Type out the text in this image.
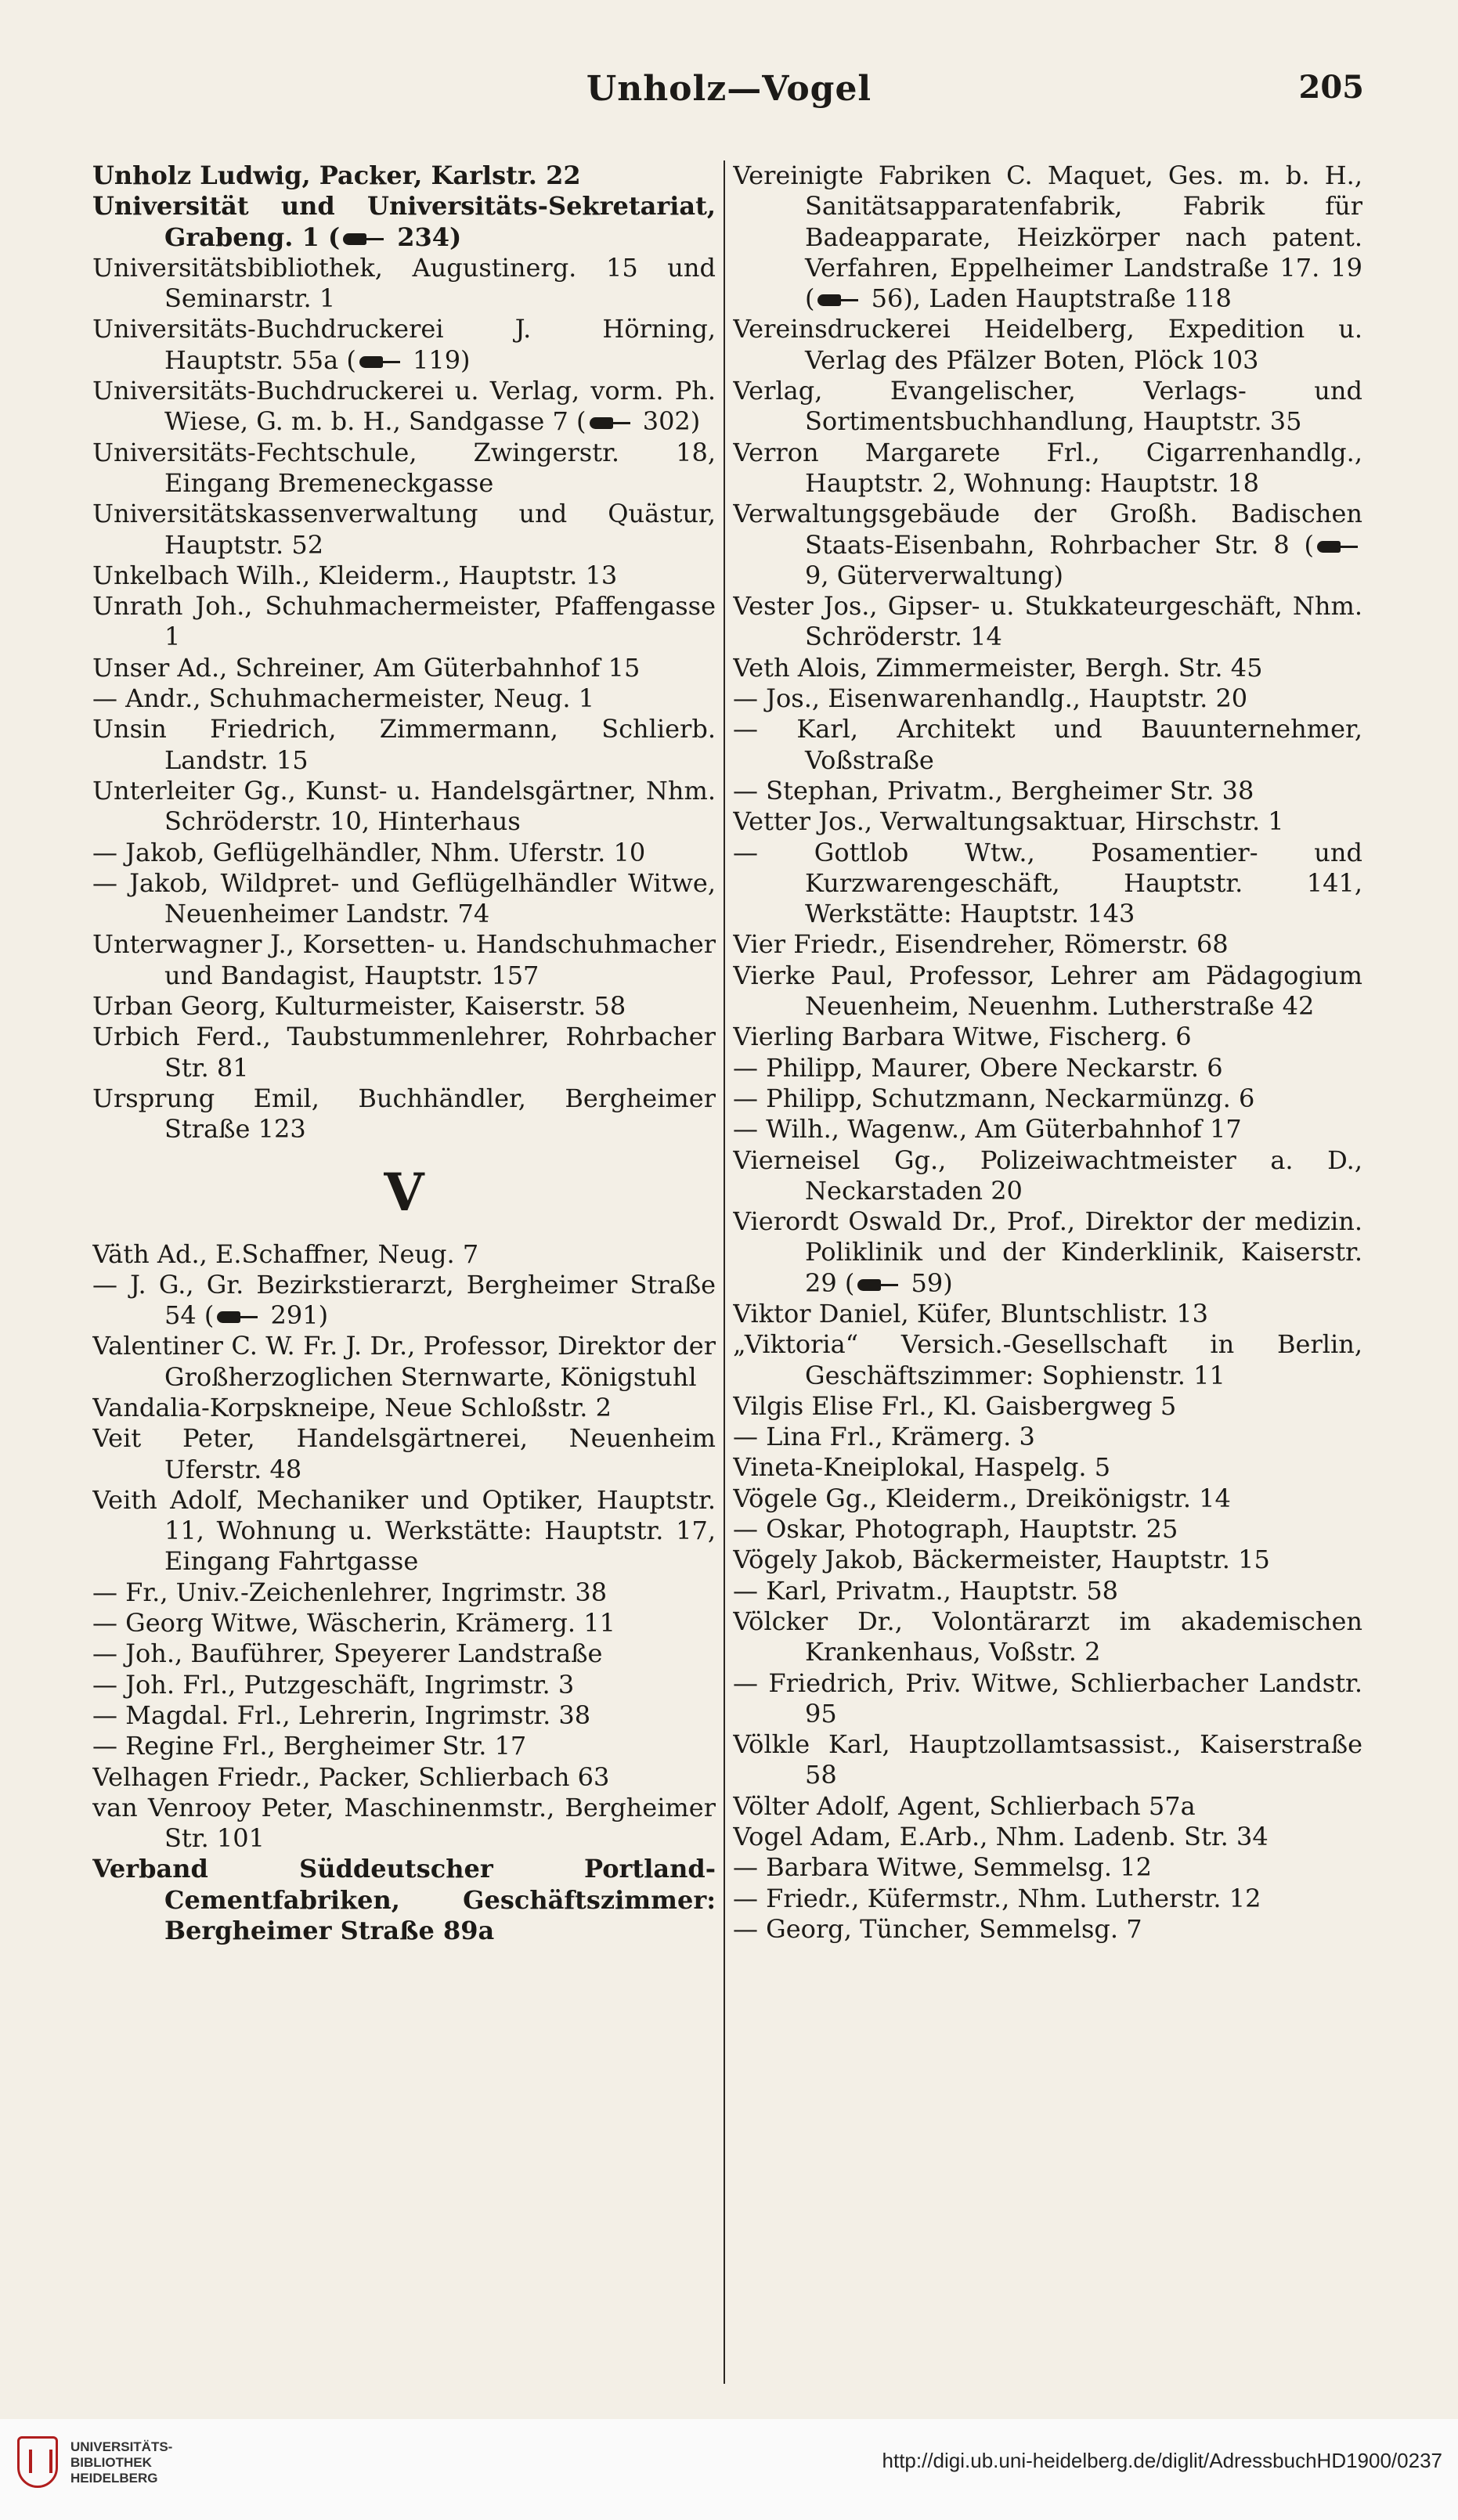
Unholz—Vogel	205
Unholz Ludwig, Packer, Karlstr. 22
Universität und Universitäts-Sekretariat, Grabeng. 1 ( 234)
Universitätsbibliothek, Augustinerg. 15 und Seminarstr. 1
Universitäts-Buchdruckerei J. Hörning, Hauptstr. 55a ( 119)
Universitäts-Buchdruckerei u. Verlag, vorm. Ph. Wiese, G. m. b. H., Sandgasse 7 ( 302)
Universitäts-Fechtschule, Zwingerstr. 18, Eingang Bremeneckgasse
Universitätskassenverwaltung und Quästur, Hauptstr. 52
Unkelbach Wilh., Kleiderm., Hauptstr. 13
Unrath Joh., Schuhmachermeister, Pfaffengasse 1
Unser Ad., Schreiner, Am Güterbahnhof 15
— Andr., Schuhmachermeister, Neug. 1
Unsin Friedrich, Zimmermann, Schlierb. Landstr. 15
Unterleiter Gg., Kunst- u. Handelsgärtner, Nhm. Schröderstr. 10, Hinterhaus
— Jakob, Geflügelhändler, Nhm. Uferstr. 10
— Jakob, Wildpret- und Geflügelhändler Witwe, Neuenheimer Landstr. 74
Unterwagner J., Korsetten- u. Handschuhmacher und Bandagist, Hauptstr. 157
Urban Georg, Kulturmeister, Kaiserstr. 58
Urbich Ferd., Taubstummenlehrer, Rohrbacher Str. 81
Ursprung Emil, Buchhändler, Bergheimer Straße 123
V
Väth Ad., E.Schaffner, Neug. 7
— J. G., Gr. Bezirkstierarzt, Bergheimer Straße 54 ( 291)
Valentiner C. W. Fr. J. Dr., Professor, Direktor der Großherzoglichen Sternwarte, Königstuhl
Vandalia-Korpskneipe, Neue Schloßstr. 2
Veit Peter, Handelsgärtnerei, Neuenheim Uferstr. 48
Veith Adolf, Mechaniker und Optiker, Hauptstr. 11, Wohnung u. Werkstätte: Hauptstr. 17, Eingang Fahrtgasse
— Fr., Univ.-Zeichenlehrer, Ingrimstr. 38
— Georg Witwe, Wäscherin, Krämerg. 11
— Joh., Bauführer, Speyerer Landstraße
— Joh. Frl., Putzgeschäft, Ingrimstr. 3
— Magdal. Frl., Lehrerin, Ingrimstr. 38
— Regine Frl., Bergheimer Str. 17
Velhagen Friedr., Packer, Schlierbach 63
van Venrooy Peter, Maschinenmstr., Bergheimer Str. 101
Verband Süddeutscher Portland-Cementfabriken, Geschäftszimmer: Bergheimer Straße 89a
Vereinigte Fabriken C. Maquet, Ges. m. b. H., Sanitätsapparatenfabrik, Fabrik für Badeapparate, Heizkörper nach patent. Verfahren, Eppelheimer Landstraße 17. 19 ( 56), Laden Hauptstraße 118
Vereinsdruckerei Heidelberg, Expedition u. Verlag des Pfälzer Boten, Plöck 103
Verlag, Evangelischer, Verlags- und Sortimentsbuchhandlung, Hauptstr. 35
Verron Margarete Frl., Cigarrenhandlg., Hauptstr. 2, Wohnung: Hauptstr. 18
Verwaltungsgebäude der Großh. Badischen Staats-Eisenbahn, Rohrbacher Str. 8 ( 9, Güterverwaltung)
Vester Jos., Gipser- u. Stukkateurgeschäft, Nhm. Schröderstr. 14
Veth Alois, Zimmermeister, Bergh. Str. 45
— Jos., Eisenwarenhandlg., Hauptstr. 20
— Karl, Architekt und Bauunternehmer, Voßstraße
— Stephan, Privatm., Bergheimer Str. 38
Vetter Jos., Verwaltungsaktuar, Hirschstr. 1
— Gottlob Wtw., Posamentier- und Kurzwarengeschäft, Hauptstr. 141, Werkstätte: Hauptstr. 143
Vier Friedr., Eisendreher, Römerstr. 68
Vierke Paul, Professor, Lehrer am Pädagogium Neuenheim, Neuenhm. Lutherstraße 42
Vierling Barbara Witwe, Fischerg. 6
— Philipp, Maurer, Obere Neckarstr. 6
— Philipp, Schutzmann, Neckarmünzg. 6
— Wilh., Wagenw., Am Güterbahnhof 17
Vierneisel Gg., Polizeiwachtmeister a. D., Neckarstaden 20
Vierordt Oswald Dr., Prof., Direktor der medizin. Poliklinik und der Kinderklinik, Kaiserstr. 29 ( 59)
Viktor Daniel, Küfer, Bluntschlistr. 13
„Viktoria“ Versich.-Gesellschaft in Berlin, Geschäftszimmer: Sophienstr. 11
Vilgis Elise Frl., Kl. Gaisbergweg 5
— Lina Frl., Krämerg. 3
Vineta-Kneiplokal, Haspelg. 5
Vögele Gg., Kleiderm., Dreikönigstr. 14
— Oskar, Photograph, Hauptstr. 25
Vögely Jakob, Bäckermeister, Hauptstr. 15
— Karl, Privatm., Hauptstr. 58
Völcker Dr., Volontärarzt im akademischen Krankenhaus, Voßstr. 2
— Friedrich, Priv. Witwe, Schlierbacher Landstr. 95
Völkle Karl, Hauptzollamtsassist., Kaiserstraße 58
Völter Adolf, Agent, Schlierbach 57a
Vogel Adam, E.Arb., Nhm. Ladenb. Str. 34
— Barbara Witwe, Semmelsg. 12
— Friedr., Küfermstr., Nhm. Lutherstr. 12
— Georg, Tüncher, Semmelsg. 7
UNIVERSITÄTS-
BIBLIOTHEK
HEIDELBERG
http://digi.ub.uni-heidelberg.de/diglit/AdressbuchHD1900/0237
